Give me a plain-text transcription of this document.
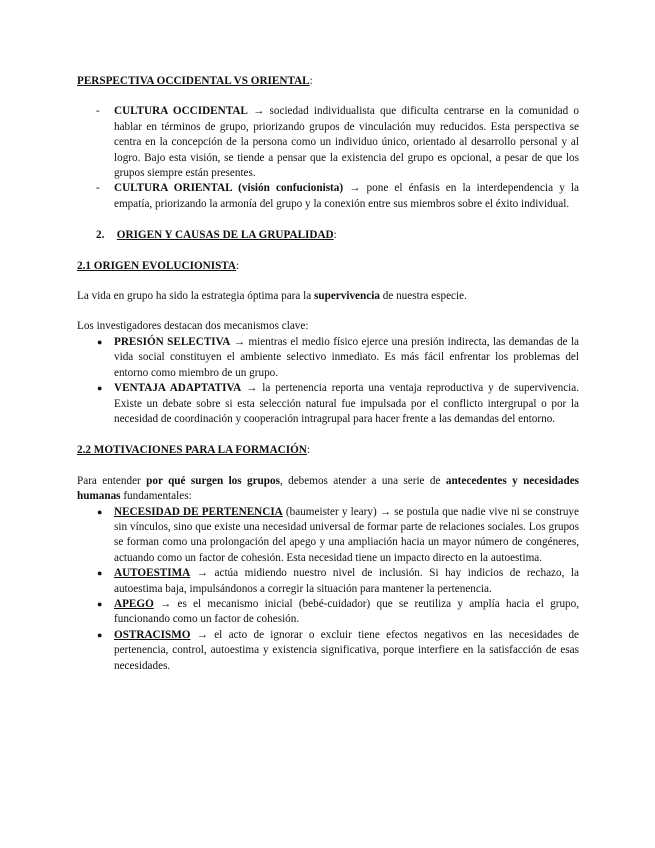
PERSPECTIVA OCCIDENTAL VS ORIENTAL:

- CULTURA OCCIDENTAL → sociedad individualista que dificulta centrarse en la comunidad o hablar en términos de grupo, priorizando grupos de vinculación muy reducidos. Esta perspectiva se centra en la concepción de la persona como un individuo único, orientado al desarrollo personal y al logro. Bajo esta visión, se tiende a pensar que la existencia del grupo es opcional, a pesar de que los grupos siempre están presentes.
- CULTURA ORIENTAL (visión confucionista) → pone el énfasis en la interdependencia y la empatía, priorizando la armonía del grupo y la conexión entre sus miembros sobre el éxito individual.

2. ORIGEN Y CAUSAS DE LA GRUPALIDAD:

2.1 ORIGEN EVOLUCIONISTA:

La vida en grupo ha sido la estrategia óptima para la supervivencia de nuestra especie.

Los investigadores destacan dos mecanismos clave:

● PRESIÓN SELECTIVA → mientras el medio físico ejerce una presión indirecta, las demandas de la vida social constituyen el ambiente selectivo inmediato. Es más fácil enfrentar los problemas del entorno como miembro de un grupo.
● VENTAJA ADAPTATIVA → la pertenencia reporta una ventaja reproductiva y de supervivencia. Existe un debate sobre si esta selección natural fue impulsada por el conflicto intergrupal o por la necesidad de coordinación y cooperación intragrupal para hacer frente a las demandas del entorno.

2.2 MOTIVACIONES PARA LA FORMACIÓN:

Para entender por qué surgen los grupos, debemos atender a una serie de antecedentes y necesidades humanas fundamentales:

● NECESIDAD DE PERTENENCIA (baumeister y leary) → se postula que nadie vive ni se construye sin vínculos, sino que existe una necesidad universal de formar parte de relaciones sociales. Los grupos se forman como una prolongación del apego y una ampliación hacia un mayor número de congéneres, actuando como un factor de cohesión. Esta necesidad tiene un impacto directo en la autoestima.
● AUTOESTIMA → actúa midiendo nuestro nivel de inclusión. Si hay indicios de rechazo, la autoestima baja, impulsándonos a corregir la situación para mantener la pertenencia.
● APEGO → es el mecanismo inicial (bebé-cuidador) que se reutiliza y amplía hacia el grupo, funcionando como un factor de cohesión.
● OSTRACISMO → el acto de ignorar o excluir tiene efectos negativos en las necesidades de pertenencia, control, autoestima y existencia significativa, porque interfiere en la satisfacción de esas necesidades.
